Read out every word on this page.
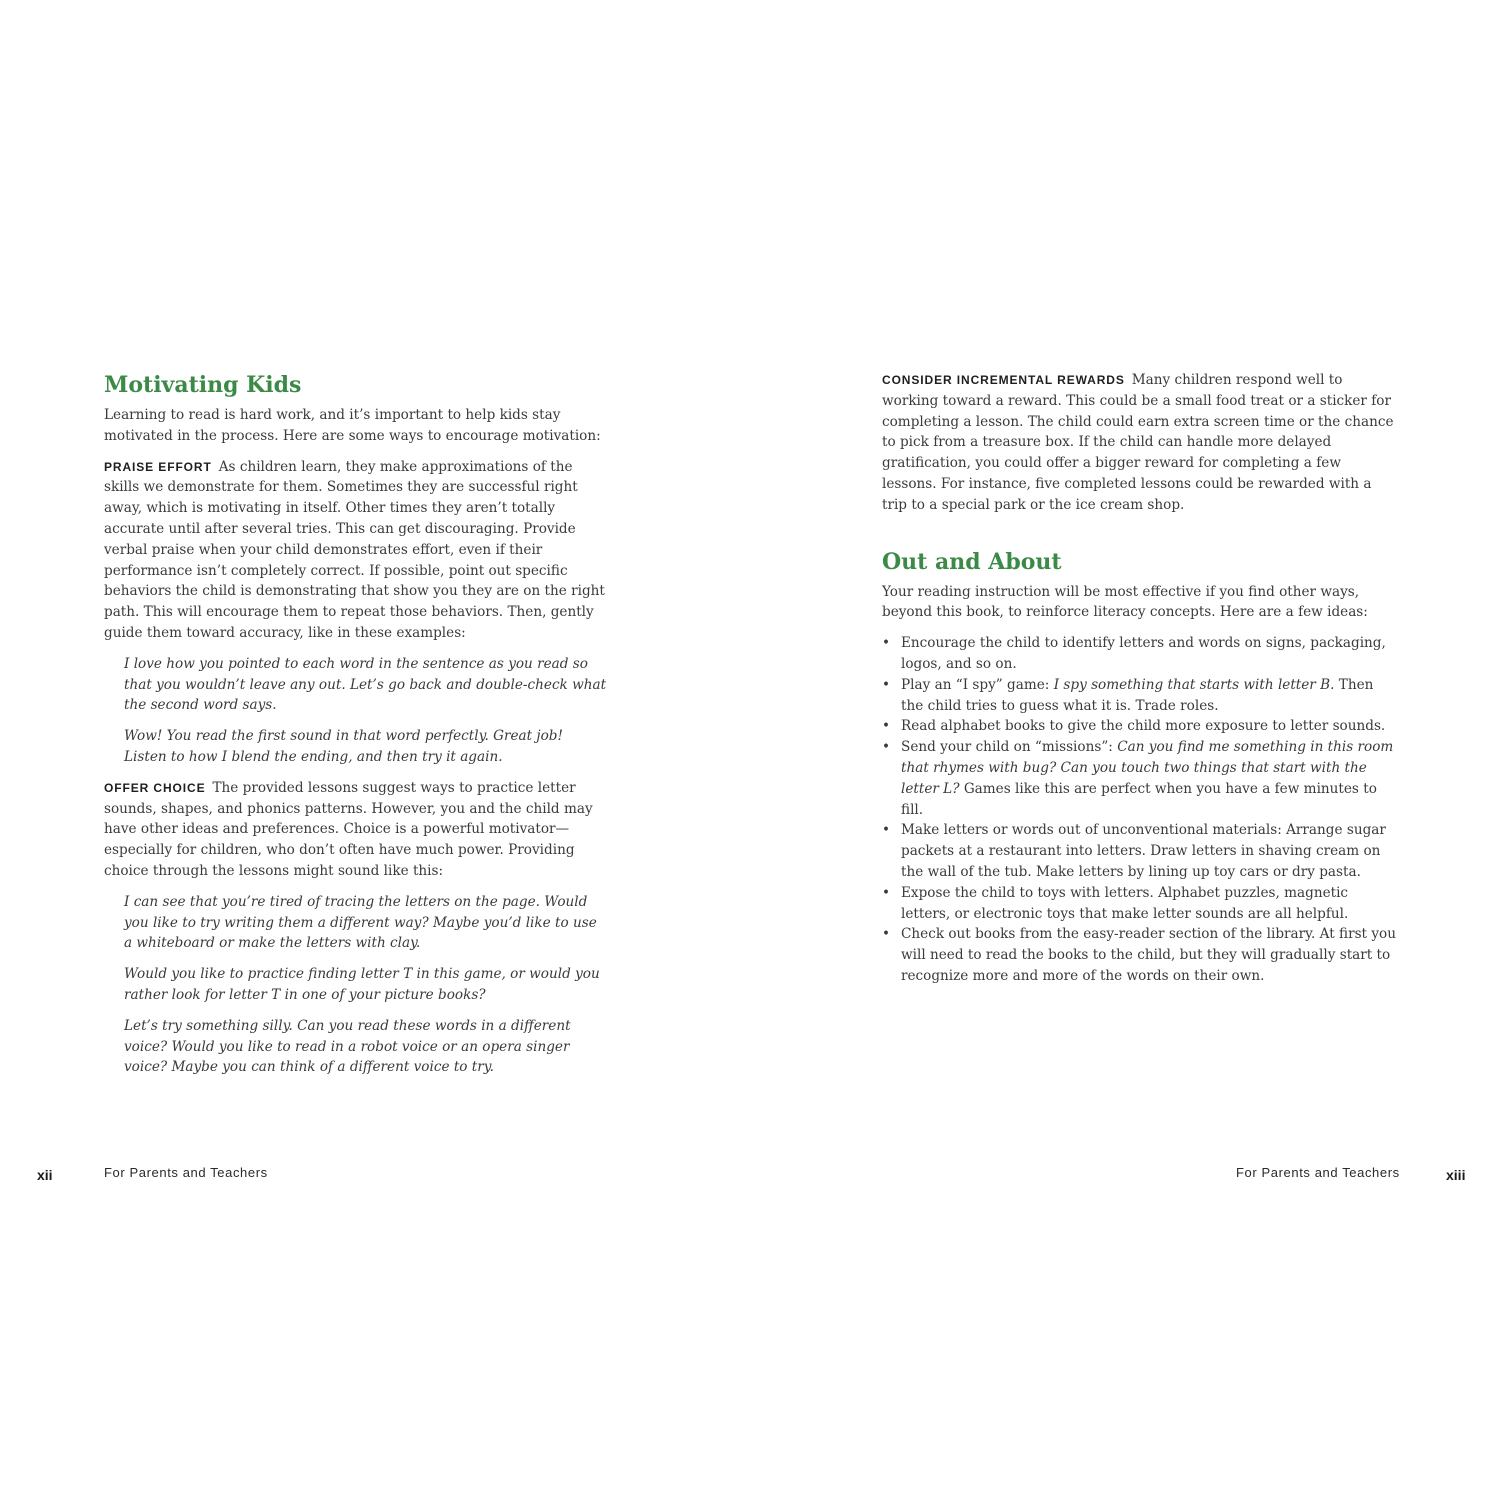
Motivating Kids

Learning to read is hard work, and it’s important to help kids stay motivated in the process. Here are some ways to encourage motivation:

PRAISE EFFORT As children learn, they make approximations of the skills we demonstrate for them. Sometimes they are successful right away, which is motivating in itself. Other times they aren’t totally accurate until after several tries. This can get discouraging. Provide verbal praise when your child demonstrates effort, even if their performance isn’t completely correct. If possible, point out specific behaviors the child is demonstrating that show you they are on the right path. This will encourage them to repeat those behaviors. Then, gently guide them toward accuracy, like in these examples:

I love how you pointed to each word in the sentence as you read so that you wouldn’t leave any out. Let’s go back and double-check what the second word says.

Wow! You read the first sound in that word perfectly. Great job! Listen to how I blend the ending, and then try it again.

OFFER CHOICE The provided lessons suggest ways to practice letter sounds, shapes, and phonics patterns. However, you and the child may have other ideas and preferences. Choice is a powerful motivator—especially for children, who don’t often have much power. Providing choice through the lessons might sound like this:

I can see that you’re tired of tracing the letters on the page. Would you like to try writing them a different way? Maybe you’d like to use a whiteboard or make the letters with clay.

Would you like to practice finding letter T in this game, or would you rather look for letter T in one of your picture books?

Let’s try something silly. Can you read these words in a different voice? Would you like to read in a robot voice or an opera singer voice? Maybe you can think of a different voice to try.

xii	For Parents and Teachers

CONSIDER INCREMENTAL REWARDS Many children respond well to working toward a reward. This could be a small food treat or a sticker for completing a lesson. The child could earn extra screen time or the chance to pick from a treasure box. If the child can handle more delayed gratification, you could offer a bigger reward for completing a few lessons. For instance, five completed lessons could be rewarded with a trip to a special park or the ice cream shop.

Out and About

Your reading instruction will be most effective if you find other ways, beyond this book, to reinforce literacy concepts. Here are a few ideas:

• Encourage the child to identify letters and words on signs, packaging, logos, and so on.
• Play an “I spy” game: I spy something that starts with letter B. Then the child tries to guess what it is. Trade roles.
• Read alphabet books to give the child more exposure to letter sounds.
• Send your child on “missions”: Can you find me something in this room that rhymes with bug? Can you touch two things that start with the letter L? Games like this are perfect when you have a few minutes to fill.
• Make letters or words out of unconventional materials: Arrange sugar packets at a restaurant into letters. Draw letters in shaving cream on the wall of the tub. Make letters by lining up toy cars or dry pasta.
• Expose the child to toys with letters. Alphabet puzzles, magnetic letters, or electronic toys that make letter sounds are all helpful.
• Check out books from the easy-reader section of the library. At first you will need to read the books to the child, but they will gradually start to recognize more and more of the words on their own.
For Parents and Teachers	xiii
